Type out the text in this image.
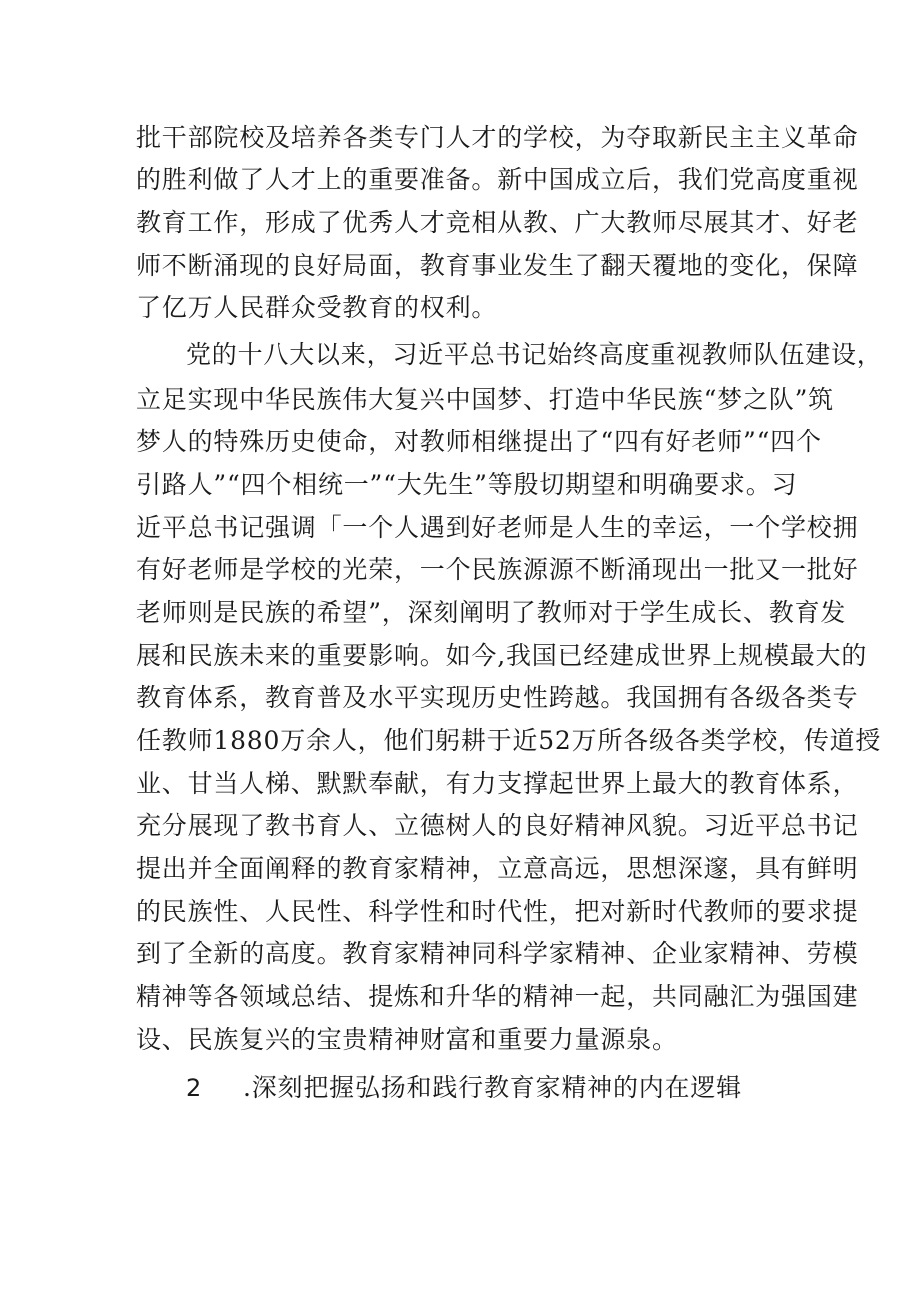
批干部院校及培养各类专门人才的学校，为夺取新民主主义革命
的胜利做了人才上的重要准备。新中国成立后，我们党高度重视
教育工作，形成了优秀人才竞相从教、广大教师尽展其才、好老
师不断涌现的良好局面，教育事业发生了翻天覆地的变化，保障
了亿万人民群众受教育的权利。
党的十八大以来，习近平总书记始终高度重视教师队伍建设，
立足实现中华民族伟大复兴中国梦、打造中华民族“梦之队”筑
梦人的特殊历史使命，对教师相继提出了“四有好老师”“四个
引路人”“四个相统一”“大先生”等殷切期望和明确要求。习
近平总书记强调「一个人遇到好老师是人生的幸运，一个学校拥
有好老师是学校的光荣，一个民族源源不断涌现出一批又一批好
老师则是民族的希望”，深刻阐明了教师对于学生成长、教育发
展和民族未来的重要影响。如今,我国已经建成世界上规模最大的
教育体系，教育普及水平实现历史性跨越。我国拥有各级各类专
任教师1880万余人，他们躬耕于近52万所各级各类学校，传道授
业、甘当人梯、默默奉献，有力支撑起世界上最大的教育体系，
充分展现了教书育人、立德树人的良好精神风貌。习近平总书记
提出并全面阐释的教育家精神，立意高远，思想深邃，具有鲜明
的民族性、人民性、科学性和时代性，把对新时代教师的要求提
到了全新的高度。教育家精神同科学家精神、企业家精神、劳模
精神等各领域总结、提炼和升华的精神一起，共同融汇为强国建
设、民族复兴的宝贵精神财富和重要力量源泉。
2 .深刻把握弘扬和践行教育家精神的内在逻辑
